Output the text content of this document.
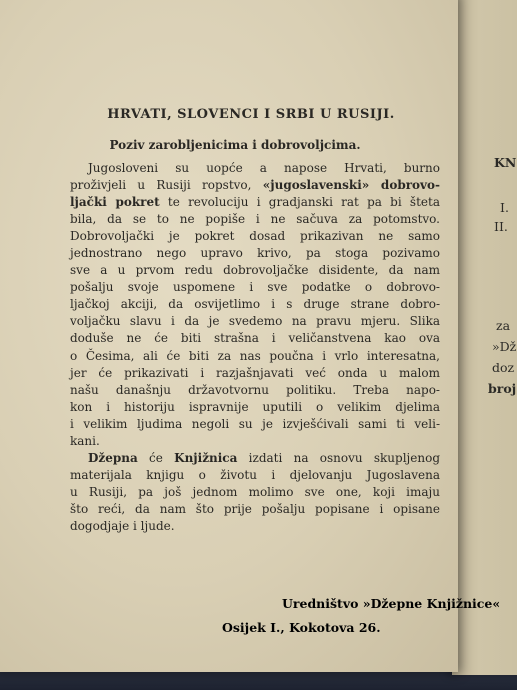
KN
I.
II.
za
»Dž
doz
broj
HRVATI, SLOVENCI I SRBI U RUSIJI.
Poziv zarobljenicima i dobrovoljcima.
Jugosloveni su uopće a napose Hrvati, burno
proživjeli u Rusiji ropstvo, «jugoslavenski» dobrovo-
ljački pokret te revoluciju i gradjanski rat pa bi šteta
bila, da se to ne popiše i ne sačuva za potomstvo.
Dobrovoljački je pokret dosad prikazivan ne samo
jednostrano nego upravo krivo, pa stoga pozivamo
sve a u prvom redu dobrovoljačke disidente, da nam
pošalju svoje uspomene i sve podatke o dobrovo-
ljačkoj akciji, da osvijetlimo i s druge strane dobro-
voljačku slavu i da je svedemo na pravu mjeru. Slika
doduše ne će biti strašna i veličanstvena kao ova
o Česima, ali će biti za nas poučna i vrlo interesatna,
jer će prikazivati i razjašnjavati već onda u malom
našu današnju državotvornu politiku. Treba napo-
kon i historiju ispravnije uputili o velikim djelima
i velikim ljudima negoli su je izvješćivali sami ti veli-
kani.
Džepna će Knjižnica izdati na osnovu skupljenog
materijala knjigu o životu i djelovanju Jugoslavena
u Rusiji, pa još jednom molimo sve one, koji imaju
što reći, da nam što prije pošalju popisane i opisane
dogodjaje i ljude.
Uredništvo »Džepne Knjižnice«
Osijek I., Kokotova 26.
